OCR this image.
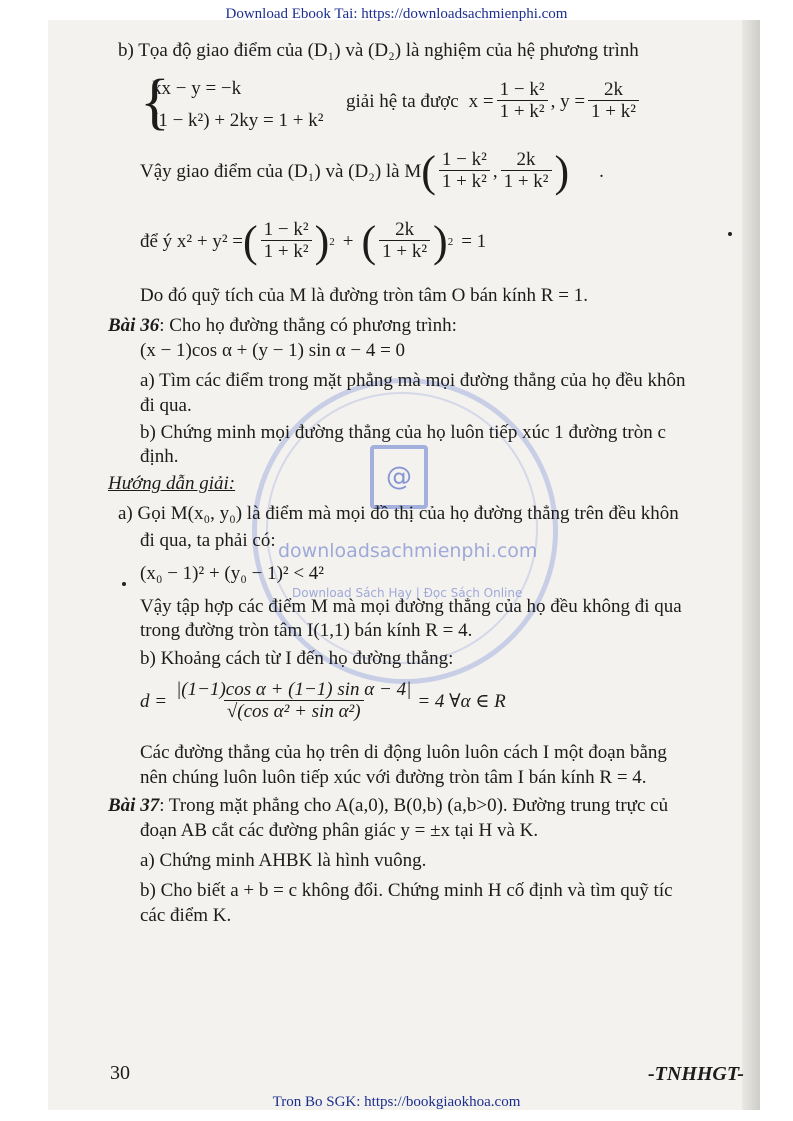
@
downloadsachmienphi.com
Download Sách Hay | Đọc Sách Online
Download Ebook Tai: https://downloadsachmienphi.com
b) Tọa độ giao điểm của (D₁) và (D₂) là nghiệm của hệ phương trình
{
kx − y = −k
(1 − k²) + 2ky = 1 + k²
giải hệ ta được $x = \frac{\text{1 − k²}}{\text{1 + k²}}$ , $y = \frac{2k}{\text{1 + k²}}$
Vậy giao điểm của (D₁) và (D₂) là M ( $\frac{\text{1 − k²}}{\text{1 + k²}}$ , $\frac{2k}{\text{1 + k²}}$ ) .
để ý x² + y² = ( $\frac{\text{1 − k²}}{\text{1 + k²}}$ ) 2 + ( $\frac{2k}{\text{1 + k²}}$ ) 2 = 1
Do đó quỹ tích của M là đường tròn tâm O bán kính R = 1.
Bài 36: Cho họ đường thẳng có phương trình:
(x − 1)cos α + (y − 1) sin α − 4 = 0
a) Tìm các điểm trong mặt phẳng mà mọi đường thẳng của họ đều khôn
đi qua.
b) Chứng minh mọi đường thẳng của họ luôn tiếp xúc 1 đường tròn c
định.
Hướng dẫn giải:
a) Gọi M(x₀, y₀) là điểm mà mọi đồ thị của họ đường thẳng trên đều khôn
đi qua, ta phải có:
(x₀ − 1)² + (y₀ − 1)² < 4²
Vậy tập hợp các điểm M mà mọi đường thẳng của họ đều không đi qua
trong đường tròn tâm I(1,1) bán kính R = 4.
b) Khoảng cách từ I đến họ đường thẳng:
$d = \frac{\text{|(1−1)cos α + (1−1) sin α − 4|}}{\text{√(cos α² + sin α²)}} = 4$ ∀α ∈ R
Các đường thẳng của họ trên di động luôn luôn cách I một đoạn bằng
nên chúng luôn luôn tiếp xúc với đường tròn tâm I bán kính R = 4.
Bài 37: Trong mặt phẳng cho A(a,0), B(0,b) (a,b>0). Đường trung trực củ
đoạn AB cắt các đường phân giác y = ±x tại H và K.
a) Chứng minh AHBK là hình vuông.
b) Cho biết a + b = c không đổi. Chứng minh H cố định và tìm quỹ tíc
các điểm K.
30	-TNHHGT-
Tron Bo SGK: https://bookgiaokhoa.com
